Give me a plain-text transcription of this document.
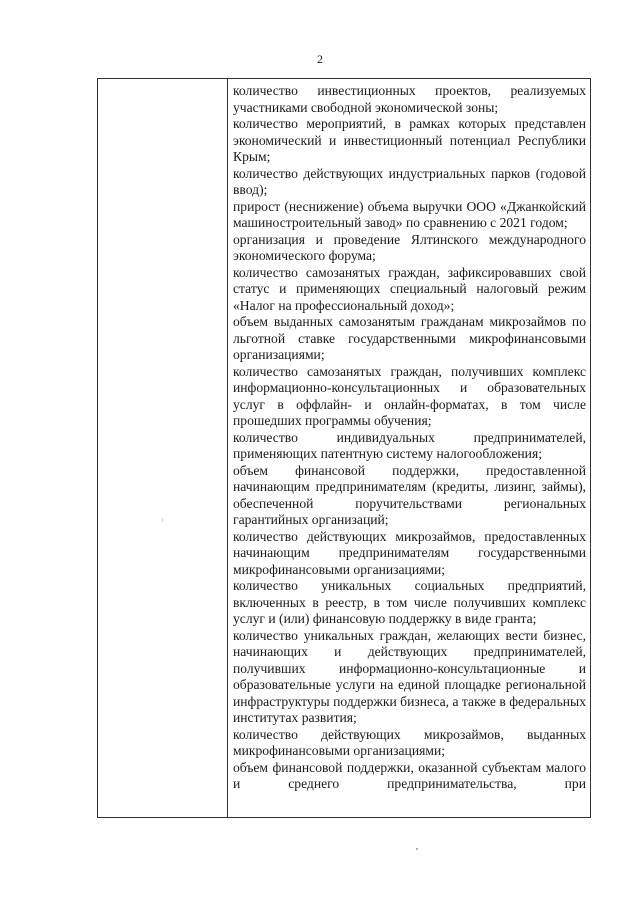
2

количество инвестиционных проектов, реализуемых участниками свободной экономической зоны;

количество мероприятий, в рамках которых представлен экономический и инвестиционный потенциал Республики Крым;

количество действующих индустриальных парков (годовой ввод);

прирост (неснижение) объема выручки ООО «Джанкойский машиностроительный завод» по сравнению с 2021 годом;

организация и проведение Ялтинского международного экономического форума;

количество самозанятых граждан, зафиксировавших свой статус и применяющих специальный налоговый режим «Налог на профессиональный доход»;

объем выданных самозанятым гражданам микрозаймов по льготной ставке государственными микрофинансовыми организациями;

количество самозанятых граждан, получивших комплекс информационно-консультационных и образовательных услуг в оффлайн- и онлайн-форматах, в том числе прошедших программы обучения;

количество индивидуальных предпринимателей, применяющих патентную систему налогообложения;

объем финансовой поддержки, предоставленной начинающим предпринимателям (кредиты, лизинг, займы), обеспеченной поручительствами региональных гарантийных организаций;

количество действующих микрозаймов, предоставленных начинающим предпринимателям государственными микрофинансовыми организациями;

количество уникальных социальных предприятий, включенных в реестр, в том числе получивших комплекс услуг и (или) финансовую поддержку в виде гранта;

количество уникальных граждан, желающих вести бизнес, начинающих и действующих предпринимателей, получивших информационно-консультационные и образовательные услуги на единой площадке региональной инфраструктуры поддержки бизнеса, а также в федеральных институтах развития;

количество действующих микрозаймов, выданных микрофинансовыми организациями;

объем финансовой поддержки, оказанной субъектам малого и среднего предпринимательства, при
